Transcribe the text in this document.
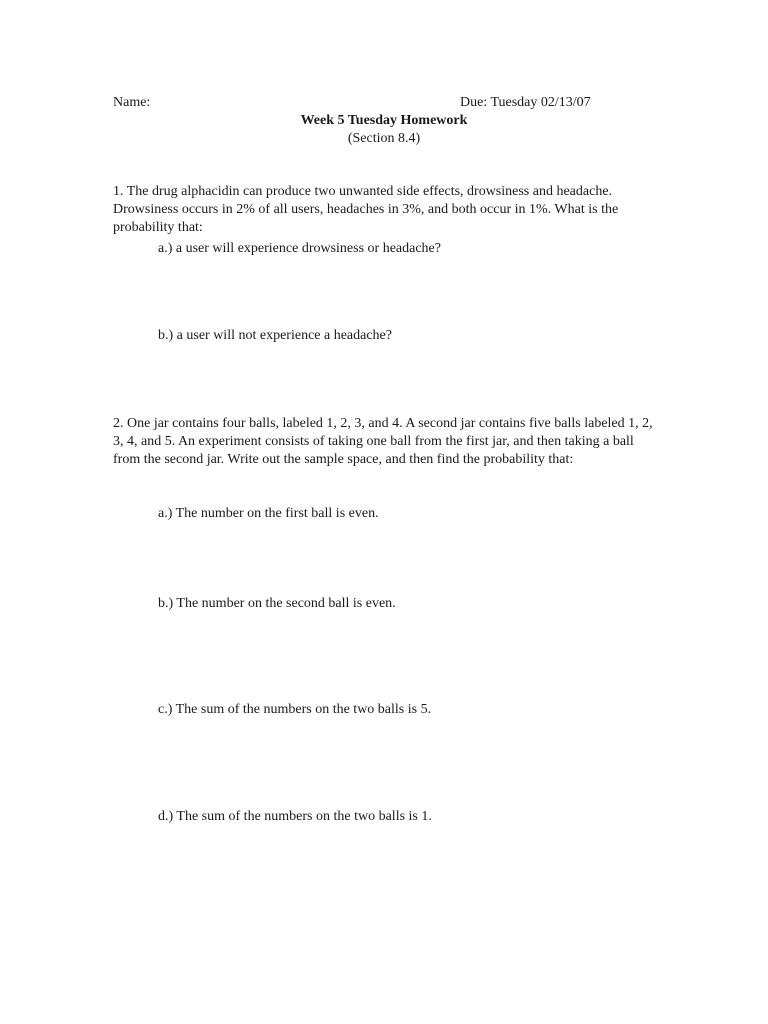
Name:	Due: Tuesday 02/13/07
Week 5 Tuesday Homework
(Section 8.4)
1. The drug alphacidin can produce two unwanted side effects, drowsiness and headache. Drowsiness occurs in 2% of all users, headaches in 3%, and both occur in 1%. What is the probability that:
a.) a user will experience drowsiness or headache?
b.) a user will not experience a headache?
2. One jar contains four balls, labeled 1, 2, 3, and 4. A second jar contains five balls labeled 1, 2, 3, 4, and 5. An experiment consists of taking one ball from the first jar, and then taking a ball from the second jar. Write out the sample space, and then find the probability that:
a.) The number on the first ball is even.
b.) The number on the second ball is even.
c.) The sum of the numbers on the two balls is 5.
d.) The sum of the numbers on the two balls is 1.
